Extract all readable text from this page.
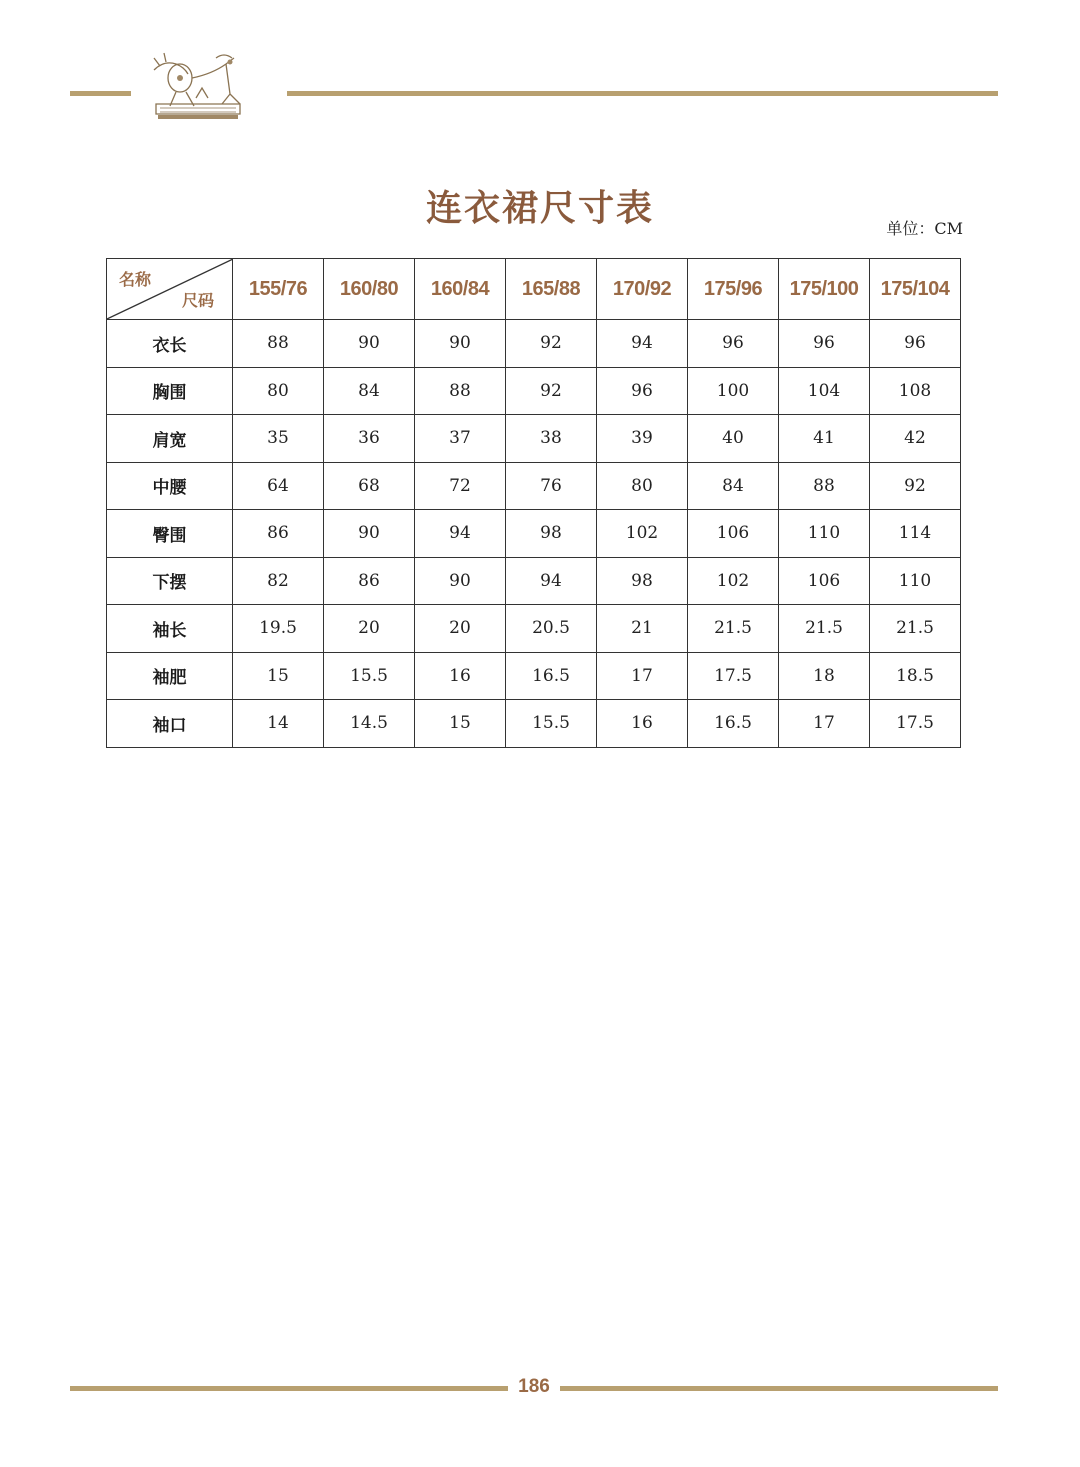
连衣裙尺寸表	单位：CM
名称
尺码	155/76	160/80	160/84	165/88	170/92	175/96	175/100	175/104
衣长	88	90	90	92	94	96	96	96
胸围	80	84	88	92	96	100	104	108
肩宽	35	36	37	38	39	40	41	42
中腰	64	68	72	76	80	84	88	92
臀围	86	90	94	98	102	106	110	114
下摆	82	86	90	94	98	102	106	110
袖长	19.5	20	20	20.5	21	21.5	21.5	21.5
袖肥	15	15.5	16	16.5	17	17.5	18	18.5
袖口	14	14.5	15	15.5	16	16.5	17	17.5
186
